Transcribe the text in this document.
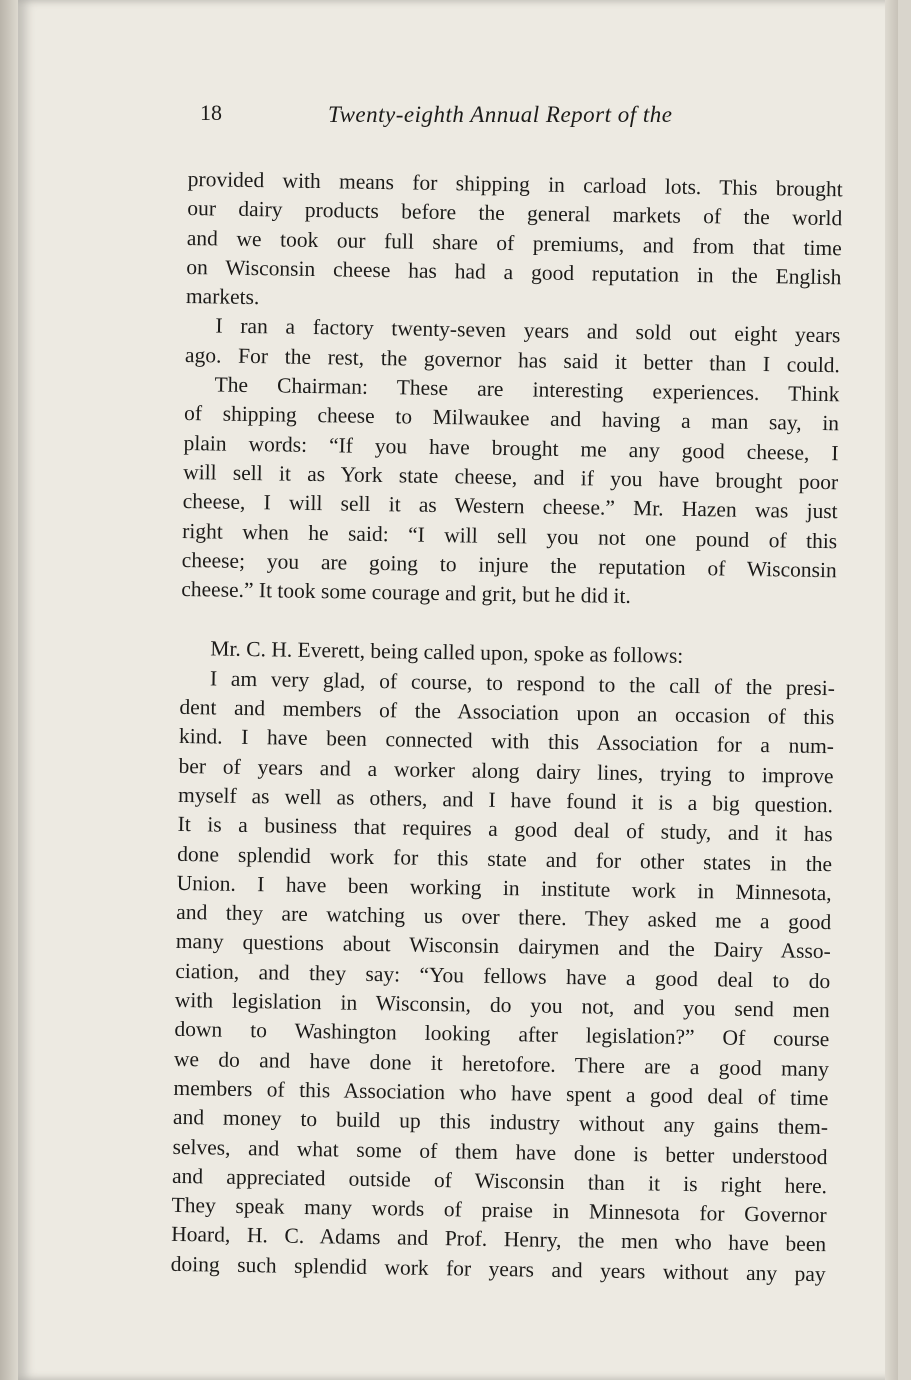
18	Twenty-eighth Annual Report of the
provided with means for shipping in carload lots. This brought
our dairy products before the general markets of the world
and we took our full share of premiums, and from that time
on Wisconsin cheese has had a good reputation in the English
markets.
I ran a factory twenty-seven years and sold out eight years
ago. For the rest, the governor has said it better than I could.
The Chairman: These are interesting experiences. Think
of shipping cheese to Milwaukee and having a man say, in
plain words: “If you have brought me any good cheese, I
will sell it as York state cheese, and if you have brought poor
cheese, I will sell it as Western cheese.” Mr. Hazen was just
right when he said: “I will sell you not one pound of this
cheese; you are going to injure the reputation of Wisconsin
cheese.” It took some courage and grit, but he did it.
Mr. C. H. Everett, being called upon, spoke as follows:
I am very glad, of course, to respond to the call of the presi-
dent and members of the Association upon an occasion of this
kind. I have been connected with this Association for a num-
ber of years and a worker along dairy lines, trying to improve
myself as well as others, and I have found it is a big question.
It is a business that requires a good deal of study, and it has
done splendid work for this state and for other states in the
Union. I have been working in institute work in Minnesota,
and they are watching us over there. They asked me a good
many questions about Wisconsin dairymen and the Dairy Asso-
ciation, and they say: “You fellows have a good deal to do
with legislation in Wisconsin, do you not, and you send men
down to Washington looking after legislation?” Of course
we do and have done it heretofore. There are a good many
members of this Association who have spent a good deal of time
and money to build up this industry without any gains them-
selves, and what some of them have done is better understood
and appreciated outside of Wisconsin than it is right here.
They speak many words of praise in Minnesota for Governor
Hoard, H. C. Adams and Prof. Henry, the men who have been
doing such splendid work for years and years without any pay
